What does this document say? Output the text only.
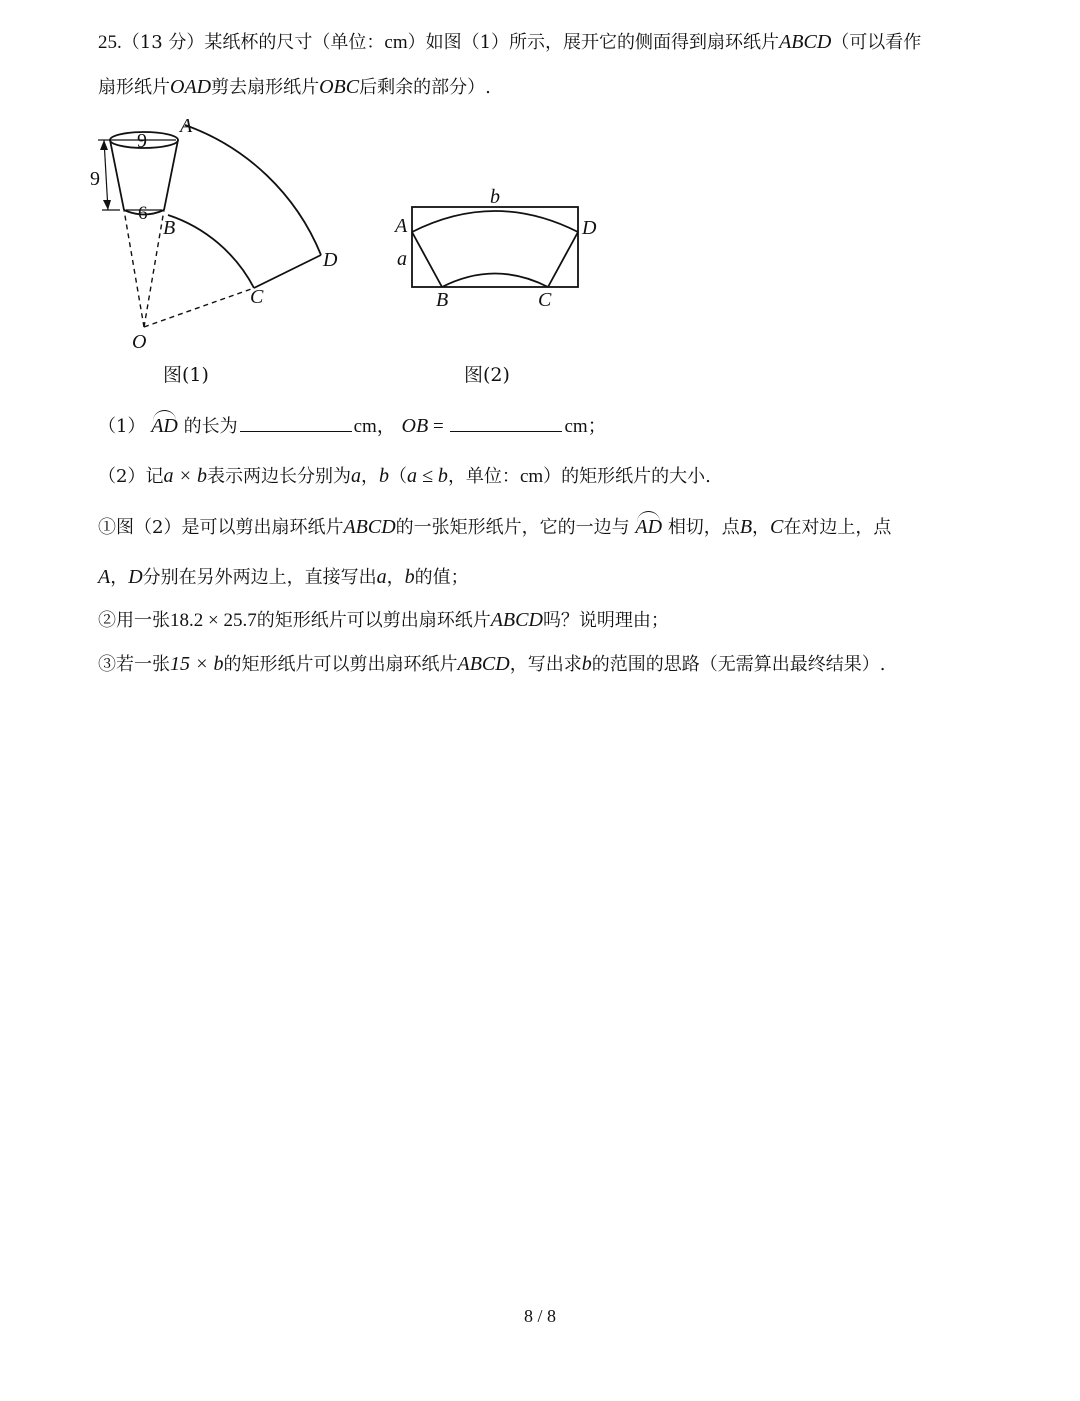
25.（13 分）某纸杯的尺寸（单位：cm）如图（1）所示，展开它的侧面得到扇环纸片ABCD（可以看作
扇形纸片OAD剪去扇形纸片OBC后剩余的部分）.
9
9
6
A
B
C
D
O
b
A	D
a
B	C
图(1)	图(2)
（1） AD 的长为	cm， OB =	cm；
（2）记a × b表示两边长分别为a，b（a ≤ b，单位：cm）的矩形纸片的大小.
①图（2）是可以剪出扇环纸片ABCD的一张矩形纸片，它的一边与 AD 相切，点B，C在对边上，点
A，D分别在另外两边上，直接写出a，b的值；
②用一张18.2 × 25.7的矩形纸片可以剪出扇环纸片ABCD吗？说明理由；
③若一张15 × b的矩形纸片可以剪出扇环纸片ABCD，写出求b的范围的思路（无需算出最终结果）.
8 / 8
